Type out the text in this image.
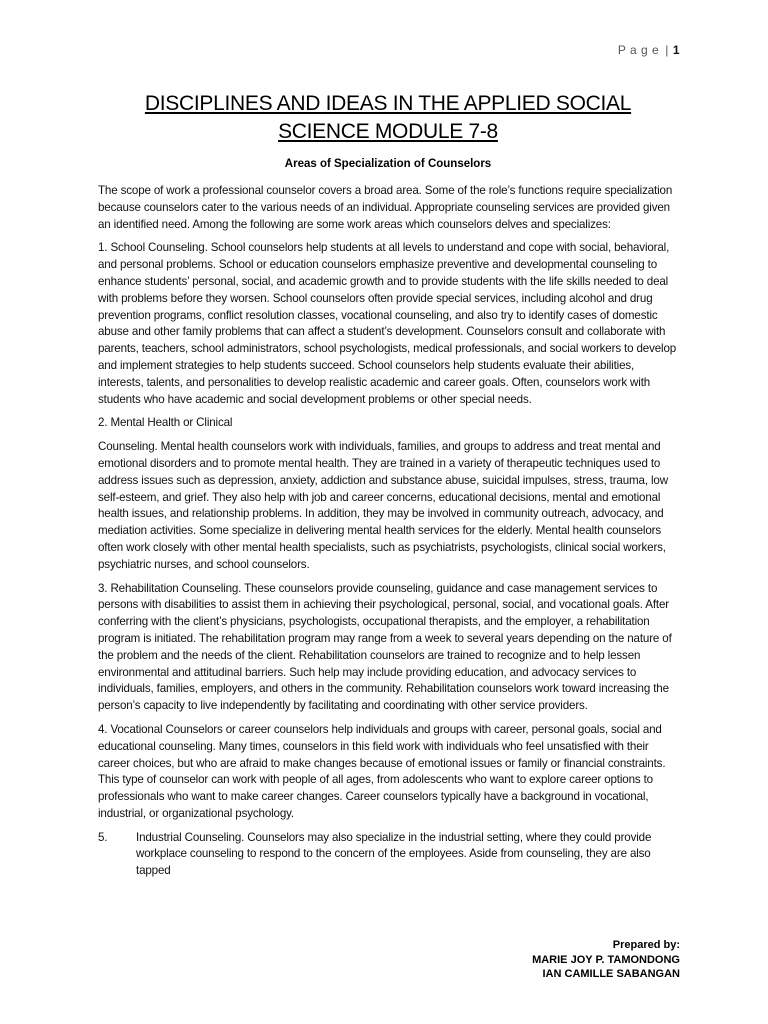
P a g e | 1
DISCIPLINES AND IDEAS IN THE APPLIED SOCIAL
SCIENCE MODULE 7-8
Areas of Specialization of Counselors

The scope of work a professional counselor covers a broad area. Some of the role’s functions require specialization because counselors cater to the various needs of an individual. Appropriate counseling services are provided given an identified need. Among the following are some work areas which counselors delves and specializes:

1. School Counseling. School counselors help students at all levels to understand and cope with social, behavioral, and personal problems. School or education counselors emphasize preventive and developmental counseling to enhance students’ personal, social, and academic growth and to provide students with the life skills needed to deal with problems before they worsen. School counselors often provide special services, including alcohol and drug prevention programs, conflict resolution classes, vocational counseling, and also try to identify cases of domestic abuse and other family problems that can affect a student’s development. Counselors consult and collaborate with parents, teachers, school administrators, school psychologists, medical professionals, and social workers to develop and implement strategies to help students succeed. School counselors help students evaluate their abilities, interests, talents, and personalities to develop realistic academic and career goals. Often, counselors work with students who have academic and social development problems or other special needs.

2. Mental Health or Clinical

Counseling. Mental health counselors work with individuals, families, and groups to address and treat mental and emotional disorders and to promote mental health. They are trained in a variety of therapeutic techniques used to address issues such as depression, anxiety, addiction and substance abuse, suicidal impulses, stress, trauma, low self-esteem, and grief. They also help with job and career concerns, educational decisions, mental and emotional health issues, and relationship problems. In addition, they may be involved in community outreach, advocacy, and mediation activities. Some specialize in delivering mental health services for the elderly. Mental health counselors often work closely with other mental health specialists, such as psychiatrists, psychologists, clinical social workers, psychiatric nurses, and school counselors.

3. Rehabilitation Counseling. These counselors provide counseling, guidance and case management services to persons with disabilities to assist them in achieving their psychological, personal, social, and vocational goals. After conferring with the client’s physicians, psychologists, occupational therapists, and the employer, a rehabilitation program is initiated. The rehabilitation program may range from a week to several years depending on the nature of the problem and the needs of the client. Rehabilitation counselors are trained to recognize and to help lessen environmental and attitudinal barriers. Such help may include providing education, and advocacy services to individuals, families, employers, and others in the community. Rehabilitation counselors work toward increasing the person’s capacity to live independently by facilitating and coordinating with other service providers.

4. Vocational Counselors or career counselors help individuals and groups with career, personal goals, social and educational counseling. Many times, counselors in this field work with individuals who feel unsatisfied with their career choices, but who are afraid to make changes because of emotional issues or family or financial constraints. This type of counselor can work with people of all ages, from adolescents who want to explore career options to professionals who want to make career changes. Career counselors typically have a background in vocational, industrial, or organizational psychology.

5.	Industrial Counseling. Counselors may also specialize in the industrial setting, where they could provide workplace counseling to respond to the concern of the employees. Aside from counseling, they are also tapped
Prepared by:
MARIE JOY P. TAMONDONG
IAN CAMILLE SABANGAN
